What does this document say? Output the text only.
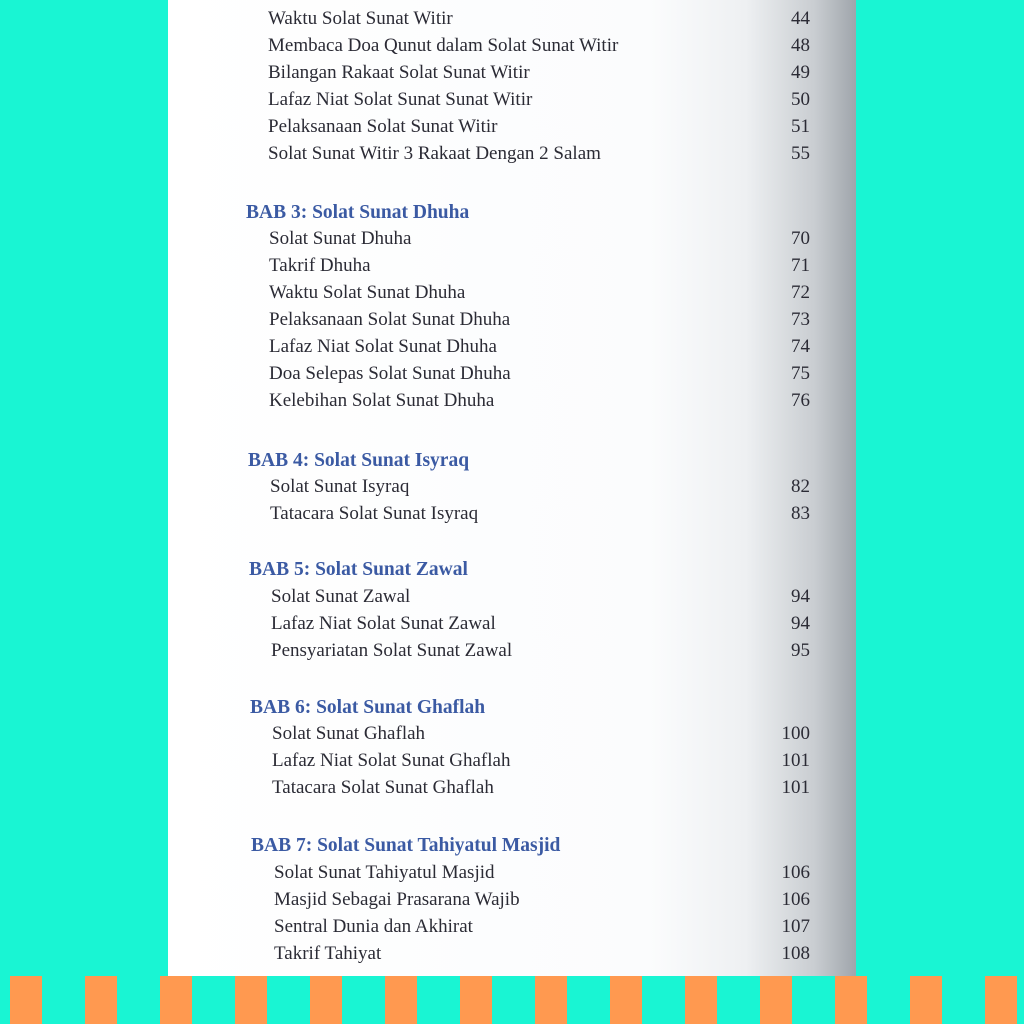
Waktu Solat Sunat Witir	44
Membaca Doa Qunut dalam Solat Sunat Witir	48
Bilangan Rakaat Solat Sunat Witir	49
Lafaz Niat Solat Sunat Sunat Witir	50
Pelaksanaan Solat Sunat Witir	51
Solat Sunat Witir 3 Rakaat Dengan 2 Salam	55
BAB 3: Solat Sunat Dhuha
Solat Sunat Dhuha	70
Takrif Dhuha	71
Waktu Solat Sunat Dhuha	72
Pelaksanaan Solat Sunat Dhuha	73
Lafaz Niat Solat Sunat Dhuha	74
Doa Selepas Solat Sunat Dhuha	75
Kelebihan Solat Sunat Dhuha	76
BAB 4: Solat Sunat Isyraq
Solat Sunat Isyraq	82
Tatacara Solat Sunat Isyraq	83
BAB 5: Solat Sunat Zawal
Solat Sunat Zawal	94
Lafaz Niat Solat Sunat Zawal	94
Pensyariatan Solat Sunat Zawal	95
BAB 6: Solat Sunat Ghaflah
Solat Sunat Ghaflah	100
Lafaz Niat Solat Sunat Ghaflah	101
Tatacara Solat Sunat Ghaflah	101
BAB 7: Solat Sunat Tahiyatul Masjid
Solat Sunat Tahiyatul Masjid	106
Masjid Sebagai Prasarana Wajib	106
Sentral Dunia dan Akhirat	107
Takrif Tahiyat	108
